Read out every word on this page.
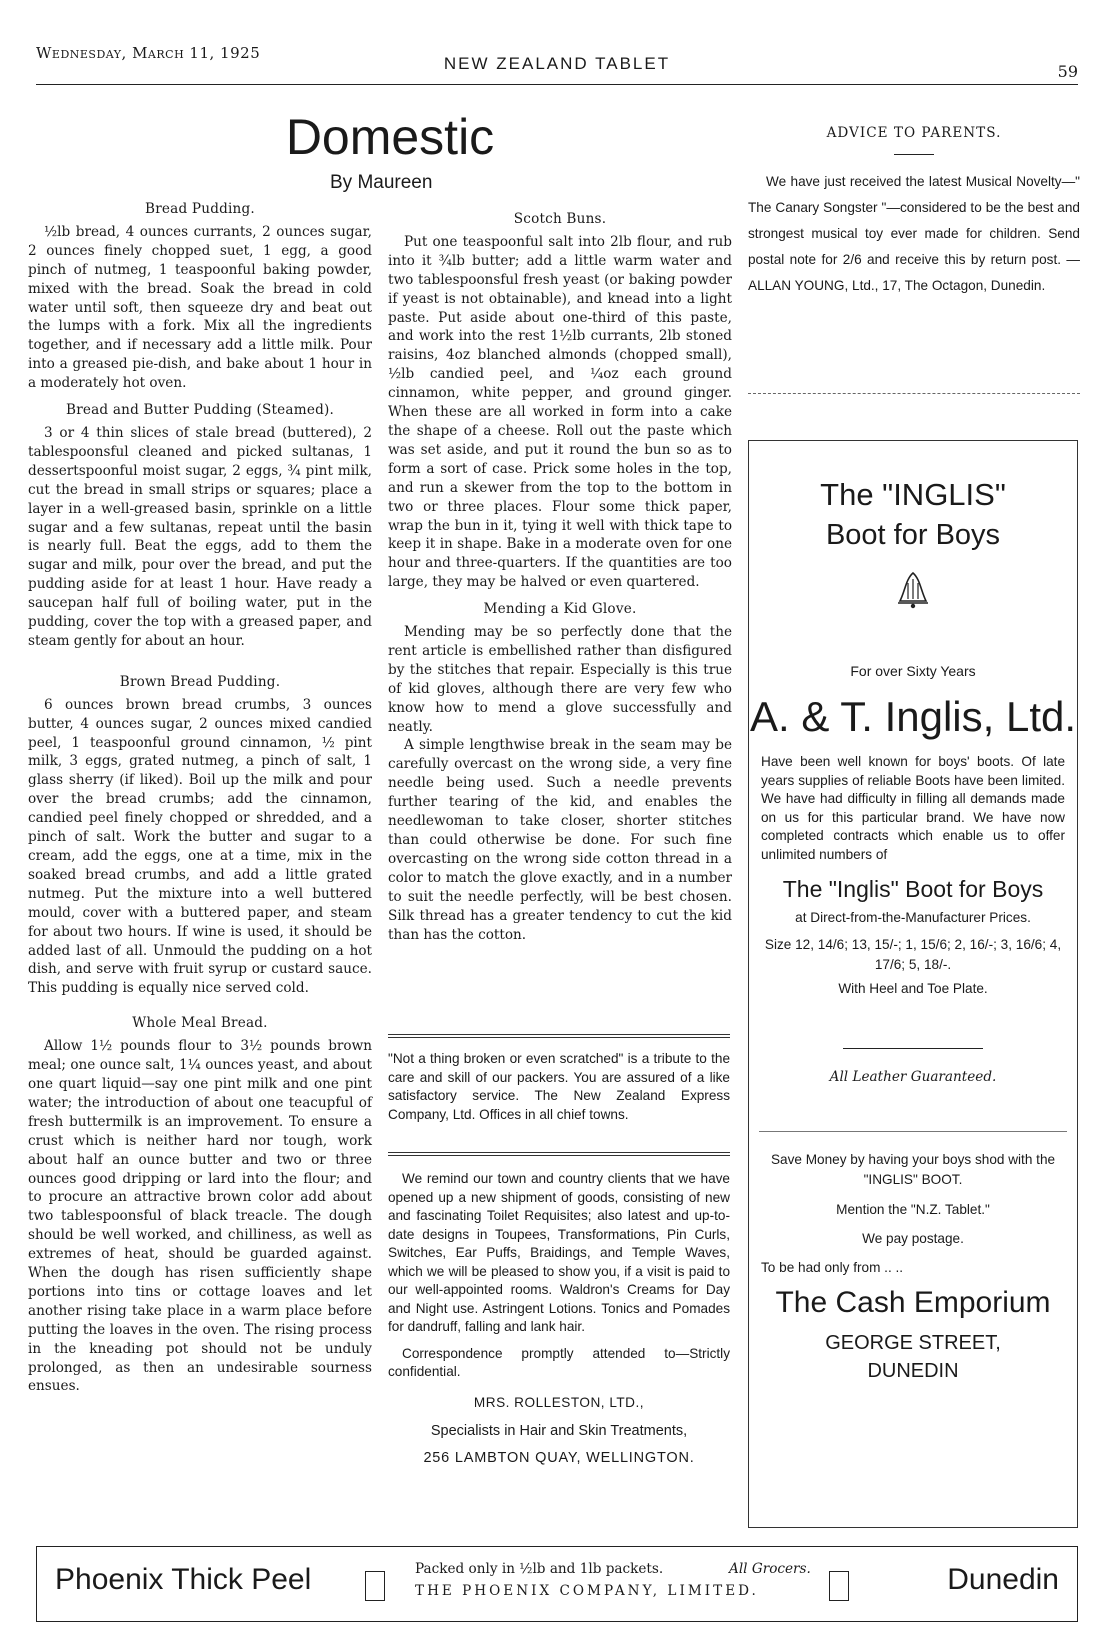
Wednesday, March 11, 1925
NEW ZEALAND TABLET	59
Domestic
By Maureen
Bread Pudding.

½lb bread, 4 ounces currants, 2 ounces sugar, 2 ounces finely chopped suet, 1 egg, a good pinch of nutmeg, 1 teaspoonful baking powder, mixed with the bread. Soak the bread in cold water until soft, then squeeze dry and beat out the lumps with a fork. Mix all the ingredients together, and if necessary add a little milk. Pour into a greased pie-dish, and bake about 1 hour in a moderately hot oven.

Bread and Butter Pudding (Steamed).

3 or 4 thin slices of stale bread (buttered), 2 tablespoonsful cleaned and picked sultanas, 1 dessertspoonful moist sugar, 2 eggs, ¾ pint milk, cut the bread in small strips or squares; place a layer in a well-greased basin, sprinkle on a little sugar and a few sultanas, repeat until the basin is nearly full. Beat the eggs, add to them the sugar and milk, pour over the bread, and put the pudding aside for at least 1 hour. Have ready a saucepan half full of boiling water, put in the pudding, cover the top with a greased paper, and steam gently for about an hour.

Brown Bread Pudding.

6 ounces brown bread crumbs, 3 ounces butter, 4 ounces sugar, 2 ounces mixed candied peel, 1 teaspoonful ground cinnamon, ½ pint milk, 3 eggs, grated nutmeg, a pinch of salt, 1 glass sherry (if liked). Boil up the milk and pour over the bread crumbs; add the cinnamon, candied peel finely chopped or shredded, and a pinch of salt. Work the butter and sugar to a cream, add the eggs, one at a time, mix in the soaked bread crumbs, and add a little grated nutmeg. Put the mixture into a well buttered mould, cover with a buttered paper, and steam for about two hours. If wine is used, it should be added last of all. Unmould the pudding on a hot dish, and serve with fruit syrup or custard sauce. This pudding is equally nice served cold.

Whole Meal Bread.

Allow 1½ pounds flour to 3½ pounds brown meal; one ounce salt, 1¼ ounces yeast, and about one quart liquid—say one pint milk and one pint water; the introduction of about one teacupful of fresh buttermilk is an improvement. To ensure a crust which is neither hard nor tough, work about half an ounce butter and two or three ounces good dripping or lard into the flour; and to procure an attractive brown color add about two tablespoonsful of black treacle. The dough should be well worked, and chilliness, as well as extremes of heat, should be guarded against. When the dough has risen sufficiently shape portions into tins or cottage loaves and let another rising take place in a warm place before putting the loaves in the oven. The rising process in the kneading pot should not be unduly prolonged, as then an undesirable sourness ensues.

Scotch Buns.

Put one teaspoonful salt into 2lb flour, and rub into it ¾lb butter; add a little warm water and two tablespoonsful fresh yeast (or baking powder if yeast is not obtainable), and knead into a light paste. Put aside about one-third of this paste, and work into the rest 1½lb currants, 2lb stoned raisins, 4oz blanched almonds (chopped small), ½lb candied peel, and ¼oz each ground cinnamon, white pepper, and ground ginger. When these are all worked in form into a cake the shape of a cheese. Roll out the paste which was set aside, and put it round the bun so as to form a sort of case. Prick some holes in the top, and run a skewer from the top to the bottom in two or three places. Flour some thick paper, wrap the bun in it, tying it well with thick tape to keep it in shape. Bake in a moderate oven for one hour and three-quarters. If the quantities are too large, they may be halved or even quartered.

Mending a Kid Glove.

Mending may be so perfectly done that the rent article is embellished rather than disfigured by the stitches that repair. Especially is this true of kid gloves, although there are very few who know how to mend a glove successfully and neatly.

A simple lengthwise break in the seam may be carefully overcast on the wrong side, a very fine needle being used. Such a needle prevents further tearing of the kid, and enables the needlewoman to take closer, shorter stitches than could otherwise be done. For such fine overcasting on the wrong side cotton thread in a color to match the glove exactly, and in a number to suit the needle perfectly, will be best chosen. Silk thread has a greater tendency to cut the kid than has the cotton.

"Not a thing broken or even scratched" is a tribute to the care and skill of our packers. You are assured of a like satisfactory service. The New Zealand Express Company, Ltd. Offices in all chief towns.

We remind our town and country clients that we have opened up a new shipment of goods, consisting of new and fascinating Toilet Requisites; also latest and up-to-date designs in Toupees, Transformations, Pin Curls, Switches, Ear Puffs, Braidings, and Temple Waves, which we will be pleased to show you, if a visit is paid to our well-appointed rooms. Waldron's Creams for Day and Night use. Astringent Lotions. Tonics and Pomades for dandruff, falling and lank hair.

Correspondence promptly attended to—Strictly confidential.

MRS. ROLLESTON, LTD.,
Specialists in Hair and Skin Treatments,
256 LAMBTON QUAY, WELLINGTON.
ADVICE TO PARENTS.
We have just received the latest Musical Novelty—" The Canary Songster "—considered to be the best and strongest musical toy ever made for children. Send postal note for 2/6 and receive this by return post. —ALLAN YOUNG, Ltd., 17, The Octagon, Dunedin.
The "INGLIS"
Boot for Boys
For over Sixty Years
A. & T. Inglis, Ltd.
Have been well known for boys' boots. Of late years supplies of reliable Boots have been limited. We have had difficulty in filling all demands made on us for this particular brand. We have now completed contracts which enable us to offer unlimited numbers of
The "Inglis" Boot for Boys
at Direct-from-the-Manufacturer Prices.
Size 12, 14/6; 13, 15/-; 1, 15/6; 2, 16/-; 3, 16/6; 4, 17/6; 5, 18/-.
With Heel and Toe Plate.
All Leather Guaranteed.
Save Money by having your boys shod with the "INGLIS" BOOT.
Mention the "N.Z. Tablet."
We pay postage.
To be had only from .. ..
The Cash Emporium
GEORGE STREET,
DUNEDIN
Phoenix Thick Peel	Packed only in ½lb and 1lb packets.	All Grocers.
THE PHOENIX COMPANY, LIMITED.	Dunedin
